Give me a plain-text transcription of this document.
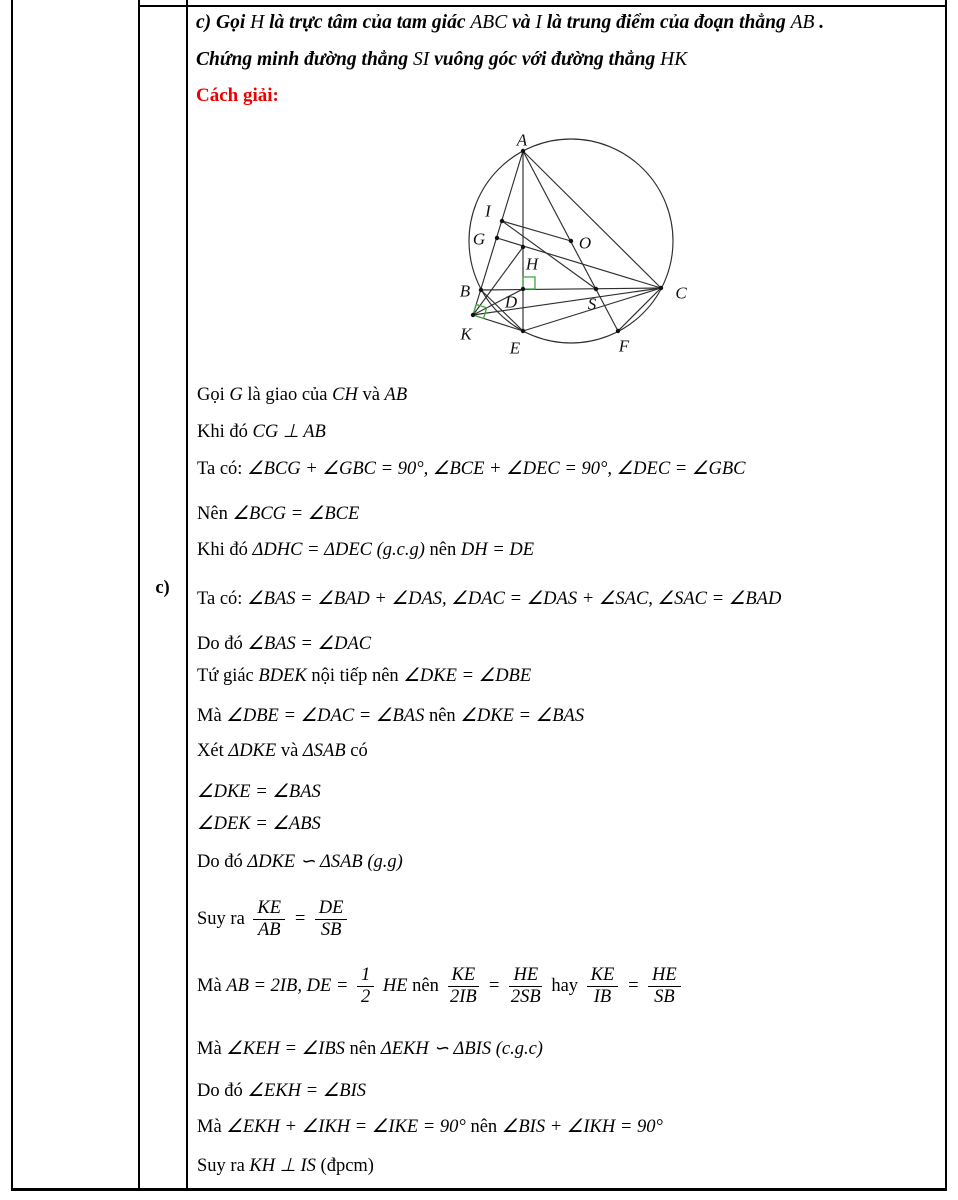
c)
c) Gọi H là trực tâm của tam giác ABC và I là trung điểm của đoạn thẳng AB .
Chứng minh đường thẳng SI vuông góc với đường thẳng HK
Cách giải:
A
B	C
D
E	F
G
H
I
K
O
S
Gọi G là giao của CH và AB
Khi đó CG ⊥ AB
Ta có: ∠BCG + ∠GBC = 90°, ∠BCE + ∠DEC = 90°, ∠DEC = ∠GBC
Nên ∠BCG = ∠BCE
Khi đó ΔDHC = ΔDEC (g.c.g) nên DH = DE
Ta có: ∠BAS = ∠BAD + ∠DAS, ∠DAC = ∠DAS + ∠SAC, ∠SAC = ∠BAD
Do đó ∠BAS = ∠DAC
Tứ giác BDEK nội tiếp nên ∠DKE = ∠DBE
Mà ∠DBE = ∠DAC = ∠BAS nên ∠DKE = ∠BAS
Xét ΔDKE và ΔSAB có
∠DKE = ∠BAS
∠DEK = ∠ABS
Do đó ΔDKE ∽ ΔSAB (g.g)
Suy ra $\frac{KE}{AB} = \frac{DE}{SB}$
Mà AB = 2IB, DE = $\frac{1}{2}$ HE nên $\frac{KE}{2IB} = \frac{HE}{2SB}$ hay $\frac{KE}{IB} = \frac{HE}{SB}$
Mà ∠KEH = ∠IBS nên ΔEKH ∽ ΔBIS (c.g.c)
Do đó ∠EKH = ∠BIS
Mà ∠EKH + ∠IKH = ∠IKE = 90° nên ∠BIS + ∠IKH = 90°
Suy ra KH ⊥ IS (đpcm)
